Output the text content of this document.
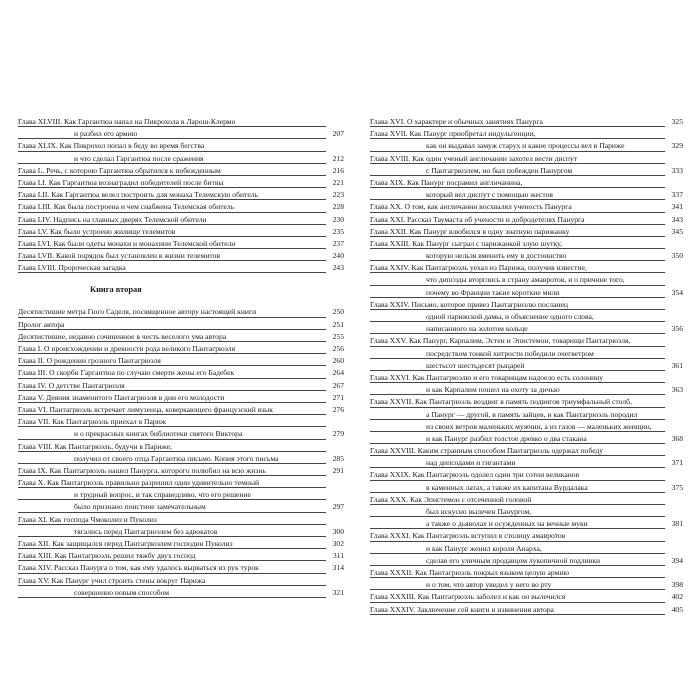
Глава XLVIII. Как Гаргантюа напал на Пикрохола в Ларош-Клермо
и разбил его армию	207
Глава XLIX. Как Пикрохол попал в беду во время бегства
и что сделал Гаргантюа после сражения	212
Глава L. Речь, с которою Гаргантюа обратился к побежденным	216
Глава LI. Как Гаргантюа вознаградил победителей после битвы	221
Глава LII. Как Гаргантюа велел построить для монаха Телемскую обитель	223
Глава LIII. Как была построена и чем снабжена Телемская обитель	228
Глава LIV. Надпись на главных дверях Телемской обители	230
Глава LV. Как было устроено жилище телемитов	235
Глава LVI. Как были одеты монахи и монахини Телемской обители	237
Глава LVII. Какой порядок был установлен в жизни телемитов	240
Глава LVIII. Пророческая загадка	243
Книга вторая
Десятистишие метра Гюго Саделя, посвященное автору настоящей книги	250
Пролог автора	251
Десятистишие, недавно сочиненное в честь веселого ума автора	255
Глава I. О происхождении и древности рода великого Пантагрюэля	256
Глава II. О рождении грозного Пантагрюэля	260
Глава III. О скорби Гаргантюа по случаю смерти жены его Бадебек	264
Глава IV. О детстве Пантагрюэля	267
Глава V. Деяния знаменитого Пантагрюэля в дни его молодости	271
Глава VI. Пантагрюэль встречает лимузенца, коверкающего французский язык	276
Глава VII. Как Пантагрюэль приехал в Париж
и о прекрасных книгах библиотеки святого Виктора	279
Глава VIII. Как Пантагрюэль, будучи в Париже,
получил от своего отца Гаргантюа письмо. Копия этого письма	285
Глава IX. Как Пантагрюэль нашел Панурга, которого полюбил на всю жизнь	291
Глава X. Как Пантагрюэль правильно разрешил один удивительно темный
и трудный вопрос, и так справедливо, что его решение
было признано поистине замечательным	297
Глава XI. Как господа Чмоколиз и Пуколиз
тягались перед Пантагрюэлем без адвокатов	300
Глава XII. Как защищался перед Пантагрюэлем господин Пуколиз	302
Глава XIII. Как Пантагрюэль решил тяжбу двух господ	311
Глава XIV. Рассказ Панурга о том, как ему удалось вырваться из рук турок	314
Глава XV. Как Панург учил строить стены вокруг Парижа
совершенно новым способом	321
Глава XVI. О характере и обычных занятиях Панурга	325
Глава XVII. Как Панург приобретал индульгенции,
как он выдавал замуж старух и какие процессы вел в Париже	329
Глава XVIII. Как один ученый англичанин захотел вести диспут
с Пантагрюэлем, но был побежден Панургом	333
Глава XIX. Как Панург посрамил англичанина,
который вел диспут с помощью жестов	337
Глава XX. О том, как англичанин восхвалял ученость Панурга	341
Глава XXI. Рассказ Таумаста об учености и добродетелях Панурга	343
Глава XXII. Как Панург влюбился в одну знатную парижанку	345
Глава XXIII. Как Панург сыграл с парижанкой злую шутку,
которую нельзя вменить ему в достоинство	350
Глава XXIV. Как Пантагрюэль уехал из Парижа, получив известие,
что дипсоды вторглись в страну амавротов, и о причине того,
почему во Франции такие короткие мили	354
Глава XXIV. Письмо, которое привез Пантагрюэлю посланец
одной парижской дамы, и объяснение одного слова,
написанного на золотом кольце	356
Глава XXV. Как Панург, Карпалим, Эстен и Эпистемон, товарищи Пантагрюэля,
посредством тонкой хитрости победили очегветром
шестьсот шестьдесят рыцарей	361
Глава XXVI. Как Пантагрюэлю и его товарищам надоело есть солонину
и как Карпалим пошел на охоту за дичью	363
Глава XXVII. Как Пантагрюэль воздвиг в память подвигов триумфальный столб,
а Панург — другой, в память зайцев, и как Пантагрюэль породил
из своих ветров маленьких мужчин, а из газов — маленьких женщин,
и как Панург разбил толстое древко о два стакана	368
Глава XXVIII. Каким странным способом Пантагрюэль одержал победу
над дипсодами и гигантами	371
Глава XXIX. Как Пантагрюэль одолел один три сотни великанов
в каменных латах, а также их капитана Вурдалака	375
Глава XXX. Как Эпистемон с отсеченной головой
был искусно вылечен Панургом,
а также о дьяволах и осужденных на вечные муки	381
Глава XXXI. Как Пантагрюэль вступил в столицу амавротов
и как Панург женил короля Анарха,
сделав его уличным продавцом лукопичной подливки	394
Глава XXXII. Как Пантагрюэль покрыл языком целую армию
и о том, что автор увидел у него во рту	398
Глава XXXIII. Как Пантагрюэль заболел и как он вылечился	402
Глава XXXIV. Заключение сей книги и извинения автора	405
